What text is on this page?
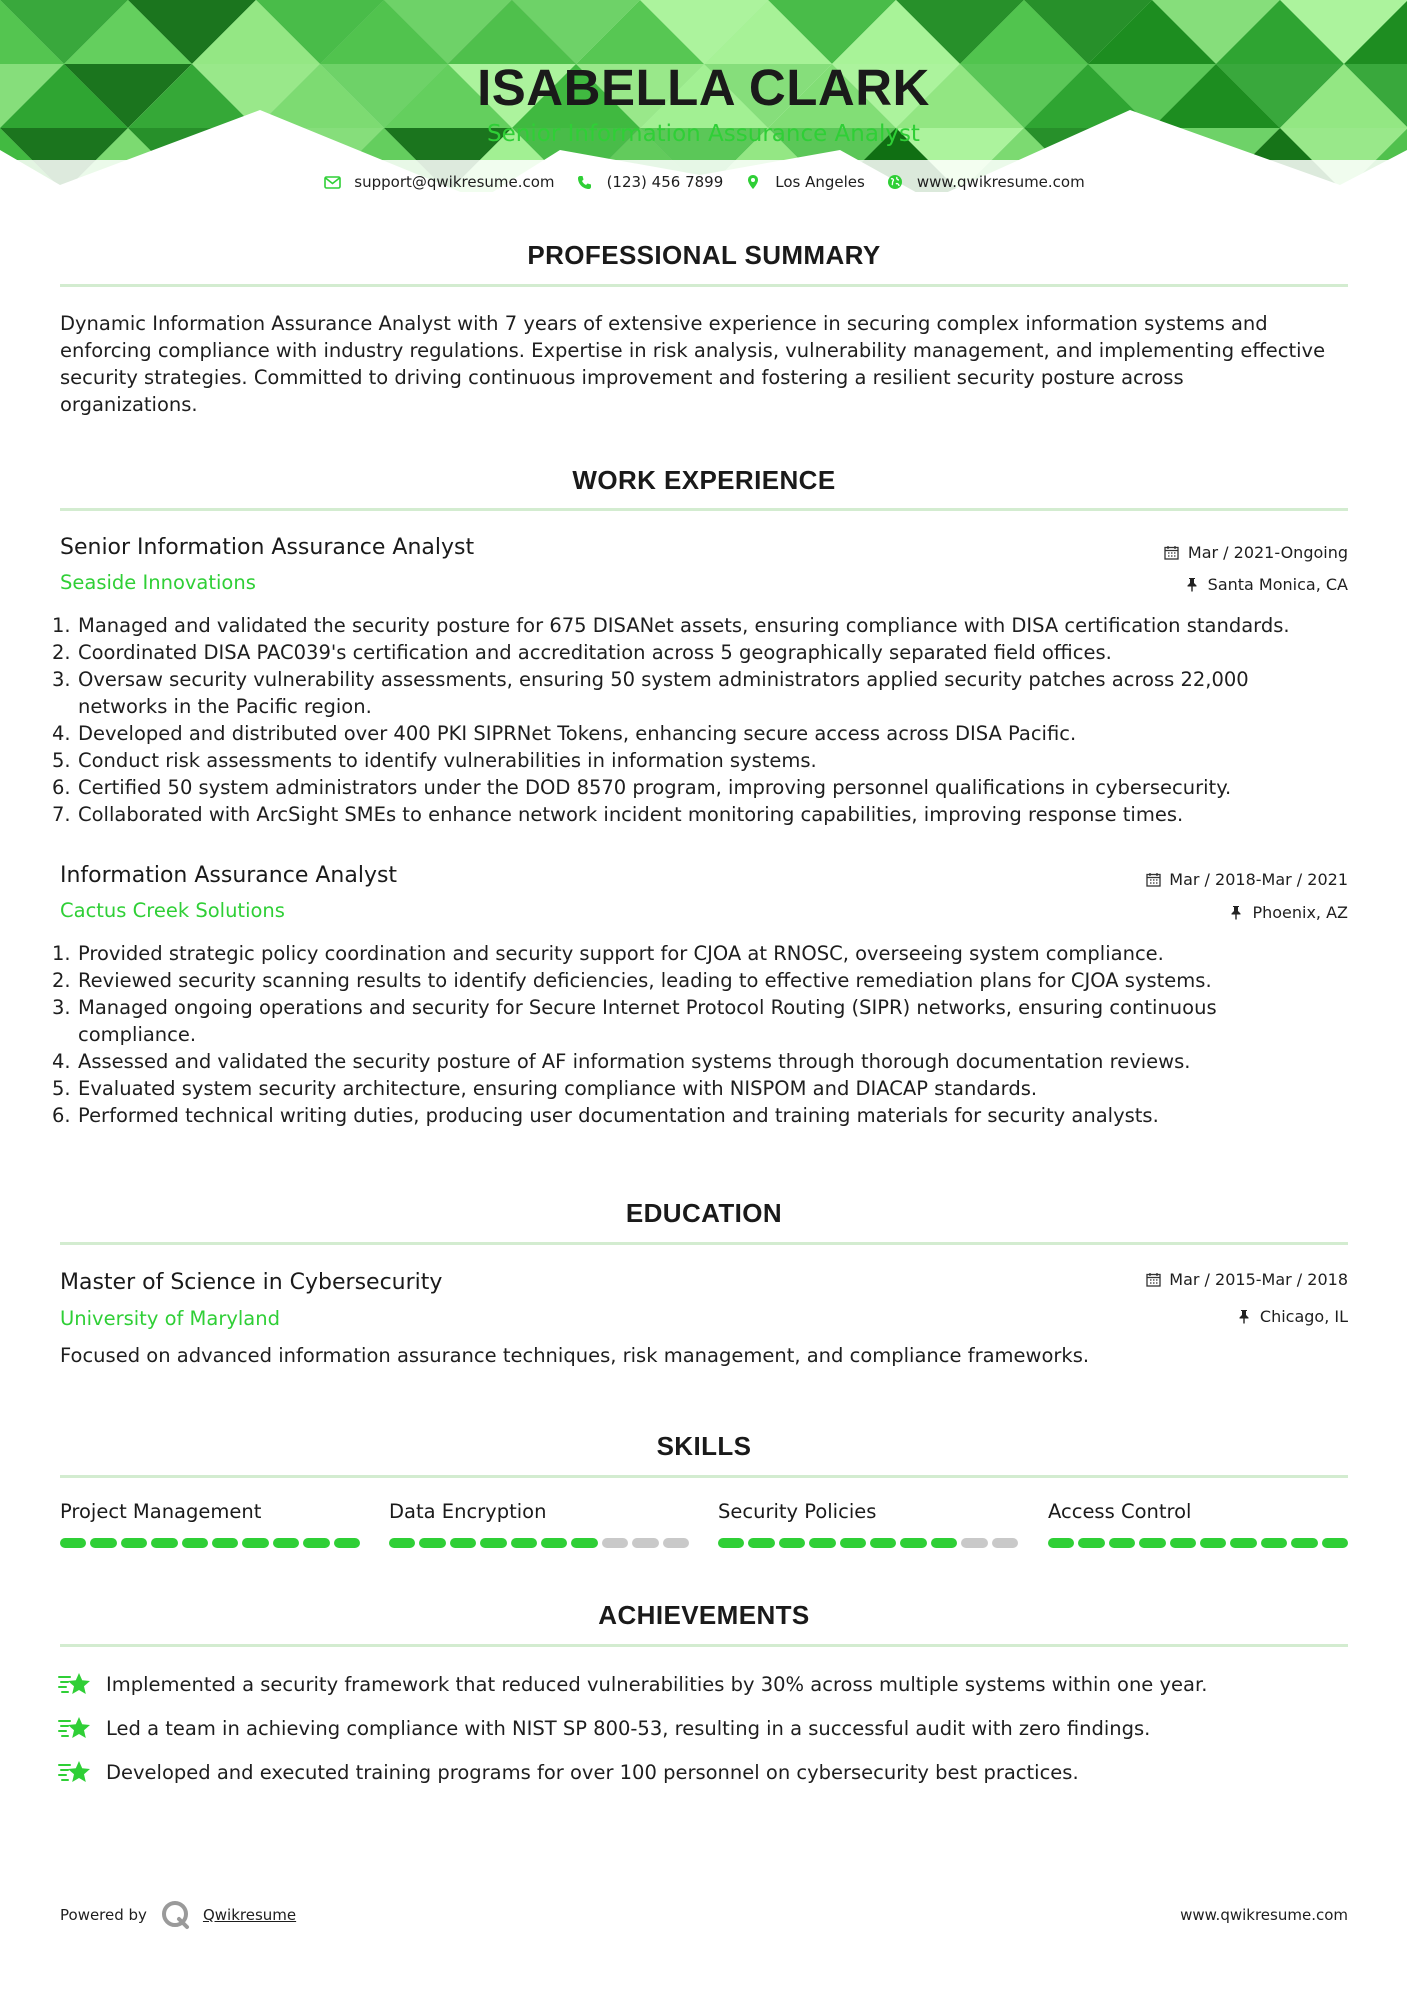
ISABELLA CLARK
Senior Information Assurance Analyst
support@qwikresume.com	(123) 456 7899	Los Angeles	www.qwikresume.com
PROFESSIONAL SUMMARY
Dynamic Information Assurance Analyst with 7 years of extensive experience in securing complex information systems and
enforcing compliance with industry regulations. Expertise in risk analysis, vulnerability management, and implementing effective
security strategies. Committed to driving continuous improvement and fostering a resilient security posture across
organizations.
WORK EXPERIENCE
Senior Information Assurance Analyst
Seaside Innovations
Mar / 2021-Ongoing
Santa Monica, CA
1. Managed and validated the security posture for 675 DISANet assets, ensuring compliance with DISA certification standards.
2. Coordinated DISA PAC039's certification and accreditation across 5 geographically separated field offices.
3. Oversaw security vulnerability assessments, ensuring 50 system administrators applied security patches across 22,000
networks in the Pacific region.
4. Developed and distributed over 400 PKI SIPRNet Tokens, enhancing secure access across DISA Pacific.
5. Conduct risk assessments to identify vulnerabilities in information systems.
6. Certified 50 system administrators under the DOD 8570 program, improving personnel qualifications in cybersecurity.
7. Collaborated with ArcSight SMEs to enhance network incident monitoring capabilities, improving response times.
Information Assurance Analyst
Cactus Creek Solutions
Mar / 2018-Mar / 2021
Phoenix, AZ
1. Provided strategic policy coordination and security support for CJOA at RNOSC, overseeing system compliance.
2. Reviewed security scanning results to identify deficiencies, leading to effective remediation plans for CJOA systems.
3. Managed ongoing operations and security for Secure Internet Protocol Routing (SIPR) networks, ensuring continuous
compliance.
4. Assessed and validated the security posture of AF information systems through thorough documentation reviews.
5. Evaluated system security architecture, ensuring compliance with NISPOM and DIACAP standards.
6. Performed technical writing duties, producing user documentation and training materials for security analysts.
EDUCATION
Master of Science in Cybersecurity
University of Maryland
Mar / 2015-Mar / 2018
Chicago, IL
Focused on advanced information assurance techniques, risk management, and compliance frameworks.
SKILLS
Project Management	Data Encryption	Security Policies	Access Control
ACHIEVEMENTS
Implemented a security framework that reduced vulnerabilities by 30% across multiple systems within one year.
Led a team in achieving compliance with NIST SP 800-53, resulting in a successful audit with zero findings.
Developed and executed training programs for over 100 personnel on cybersecurity best practices.
Powered by	Qwikresume	www.qwikresume.com
